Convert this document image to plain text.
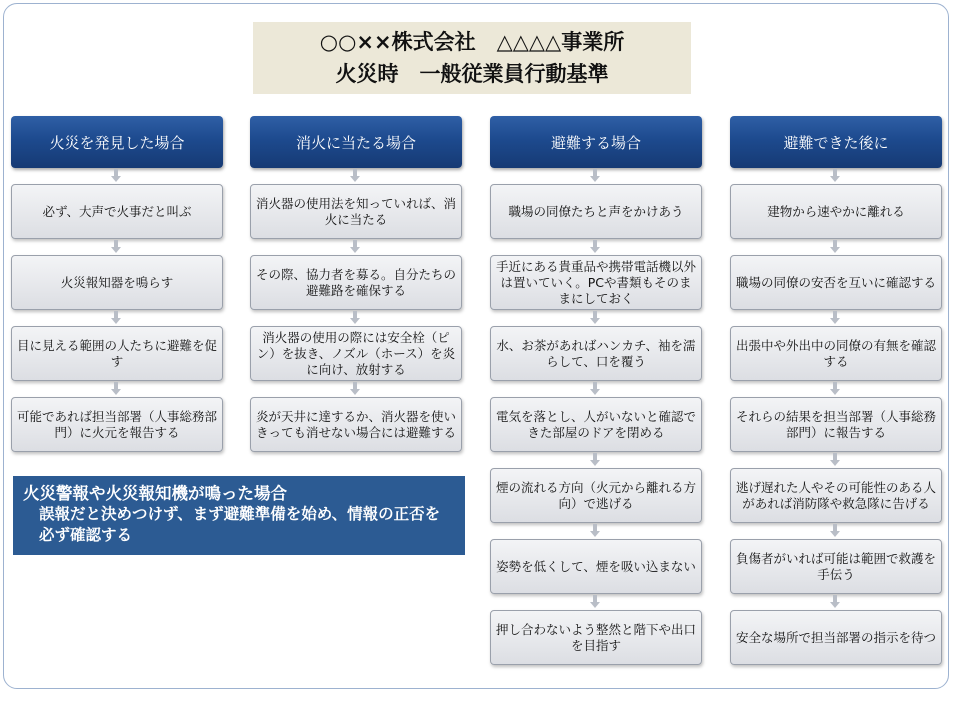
○○××株式会社　△△△△事業所
火災時　一般従業員行動基準
火災を発見した場合
必ず、大声で火事だと叫ぶ
火災報知器を鳴らす
目に見える範囲の人たちに避難を促す
可能であれば担当部署（人事総務部門）に火元を報告する
消火に当たる場合
消火器の使用法を知っていれば、消火に当たる
その際、協力者を募る。自分たちの避難路を確保する
消火器の使用の際には安全栓（ピン）を抜き、ノズル（ホース）を炎に向け、放射する
炎が天井に達するか、消火器を使いきっても消せない場合には避難する
避難する場合
職場の同僚たちと声をかけあう
手近にある貴重品や携帯電話機以外は置いていく。PCや書類もそのままにしておく
水、お茶があればハンカチ、袖を濡らして、口を覆う
電気を落とし、人がいないと確認できた部屋のドアを閉める
煙の流れる方向（火元から離れる方向）で逃げる
姿勢を低くして、煙を吸い込まない
押し合わないよう整然と階下や出口を目指す
避難できた後に
建物から速やかに離れる
職場の同僚の安否を互いに確認する
出張中や外出中の同僚の有無を確認する
それらの結果を担当部署（人事総務部門）に報告する
逃げ遅れた人やその可能性のある人があれば消防隊や救急隊に告げる
負傷者がいれば可能は範囲で救護を手伝う
安全な場所で担当部署の指示を待つ
火災警報や火災報知機が鳴った場合
誤報だと決めつけず、まず避難準備を始め、情報の正否を必ず確認する
